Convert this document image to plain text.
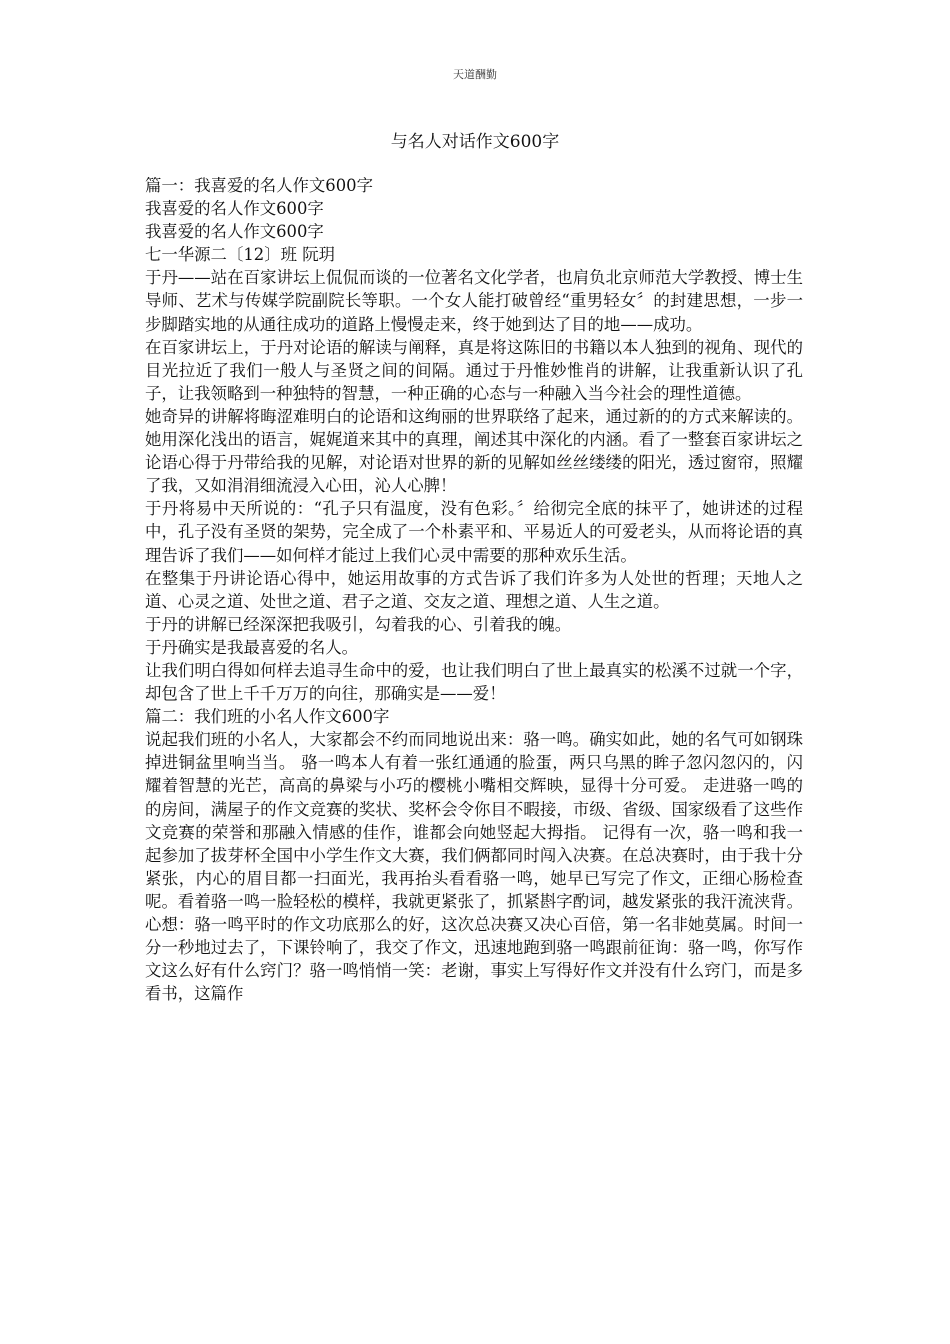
天道酬勤
与名人对话作文600字

篇一：我喜爱的名人作文600字

我喜爱的名人作文600字

我喜爱的名人作文600字

七一华源二〔12〕班 阮玥

于丹——站在百家讲坛上侃侃而谈的一位著名文化学者，也肩负北京师范大学教授、博士生导师、艺术与传媒学院副院长等职。一个女人能打破曾经“重男轻女〞的封建思想，一步一步脚踏实地的从通往成功的道路上慢慢走来，终于她到达了目的地——成功。

在百家讲坛上，于丹对论语的解读与阐释，真是将这陈旧的书籍以本人独到的视角、现代的目光拉近了我们一般人与圣贤之间的间隔。通过于丹惟妙惟肖的讲解，让我重新认识了孔子，让我领略到一种独特的智慧，一种正确的心态与一种融入当今社会的理性道德。

她奇异的讲解将晦涩难明白的论语和这绚丽的世界联络了起来，通过新的的方式来解读的。她用深化浅出的语言，娓娓道来其中的真理，阐述其中深化的内涵。看了一整套百家讲坛之论语心得于丹带给我的见解，对论语对世界的新的见解如丝丝缕缕的阳光，透过窗帘，照耀了我，又如涓涓细流浸入心田，沁人心脾！

于丹将易中天所说的：“孔子只有温度，没有色彩。〞给彻完全底的抹平了，她讲述的过程中，孔子没有圣贤的架势，完全成了一个朴素平和、平易近人的可爱老头，从而将论语的真理告诉了我们——如何样才能过上我们心灵中需要的那种欢乐生活。

在整集于丹讲论语心得中，她运用故事的方式告诉了我们许多为人处世的哲理；天地人之道、心灵之道、处世之道、君子之道、交友之道、理想之道、人生之道。

于丹的讲解已经深深把我吸引，勾着我的心、引着我的魄。

于丹确实是我最喜爱的名人。

让我们明白得如何样去追寻生命中的爱，也让我们明白了世上最真实的松溪不过就一个字，却包含了世上千千万万的向往，那确实是——爱！

篇二：我们班的小名人作文600字

说起我们班的小名人，大家都会不约而同地说出来：骆一鸣。确实如此，她的名气可如钢珠掉进铜盆里响当当。 骆一鸣本人有着一张红通通的脸蛋，两只乌黑的眸子忽闪忽闪的，闪耀着智慧的光芒，高高的鼻梁与小巧的樱桃小嘴相交辉映，显得十分可爱。 走进骆一鸣的的房间，满屋子的作文竞赛的奖状、奖杯会令你目不暇接，市级、省级、国家级看了这些作文竞赛的荣誉和那融入情感的佳作，谁都会向她竖起大拇指。 记得有一次，骆一鸣和我一起参加了拔芽杯全国中小学生作文大赛，我们俩都同时闯入决赛。在总决赛时，由于我十分紧张，内心的眉目都一扫面光，我再抬头看看骆一鸣，她早已写完了作文，正细心肠检查呢。看着骆一鸣一脸轻松的模样，我就更紧张了，抓紧斟字酌词，越发紧张的我汗流浃背。心想：骆一鸣平时的作文功底那么的好，这次总决赛又决心百倍，第一名非她莫属。时间一分一秒地过去了，下课铃响了，我交了作文，迅速地跑到骆一鸣跟前征询：骆一鸣，你写作文这么好有什么窍门？骆一鸣悄悄一笑：老谢，事实上写得好作文并没有什么窍门，而是多看书，这篇作
